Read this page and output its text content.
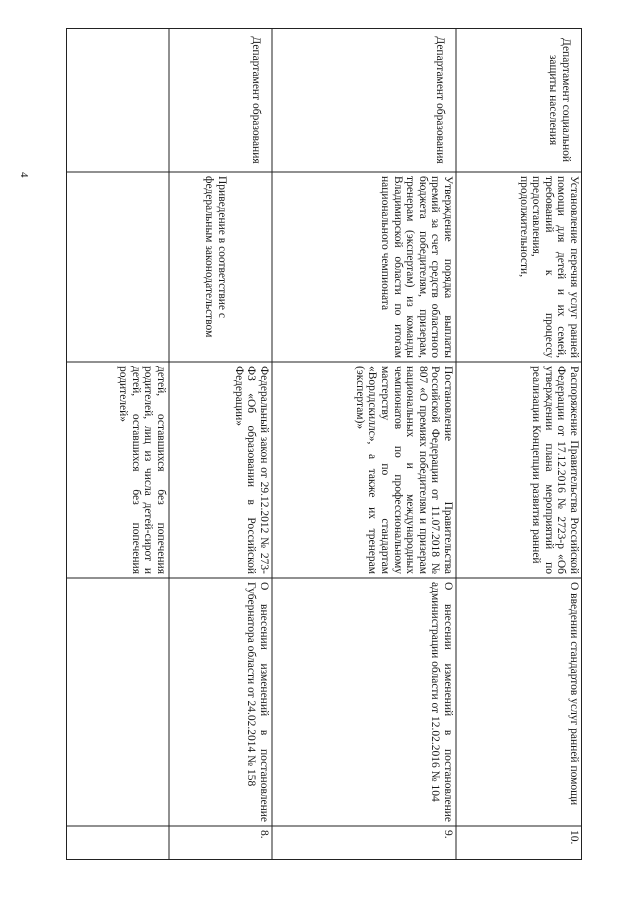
4
детей, оставшихся без попечения родителей, лиц из числа детей-сирот и детей, оставшихся без попечения родителей»
Департамент образования
Приведение в соответствие с федеральным законодательством
Федеральный закон от 29.12.2012 № 273-ФЗ «Об образовании в Российской Федерации»
О внесении изменений в постановление Губернатора области от 24.02.2014 № 158
8.
Департамент образования
Утверждение порядка выплаты премий за счет средств областного бюджета победителям, призерам, тренерам (экспертам) из команды Владимирской области по итогам национального чемпионата
Постановление Правительства Российской Федерации от 11.07.2018 № 807 «О премиях победителям и призерам национальных и международных чемпионатов по профессиональному мастерству по стандартам «Ворлдскиллс», а также их тренерам (экспертам)»
О внесении изменений в постановление администрации области от 12.02.2016 № 104
9.
Департамент социальной защиты населения
Установление перечня услуг ранней помощи для детей и их семей, требований к процессу предоставления, продолжительности,
Распоряжение Правительства Российской Федерации от 17.12.2016 № 2723-р «Об утверждении плана мероприятий по реализации Концепции развития ранней
О введении стандартов услуг ранней помощи
10.
